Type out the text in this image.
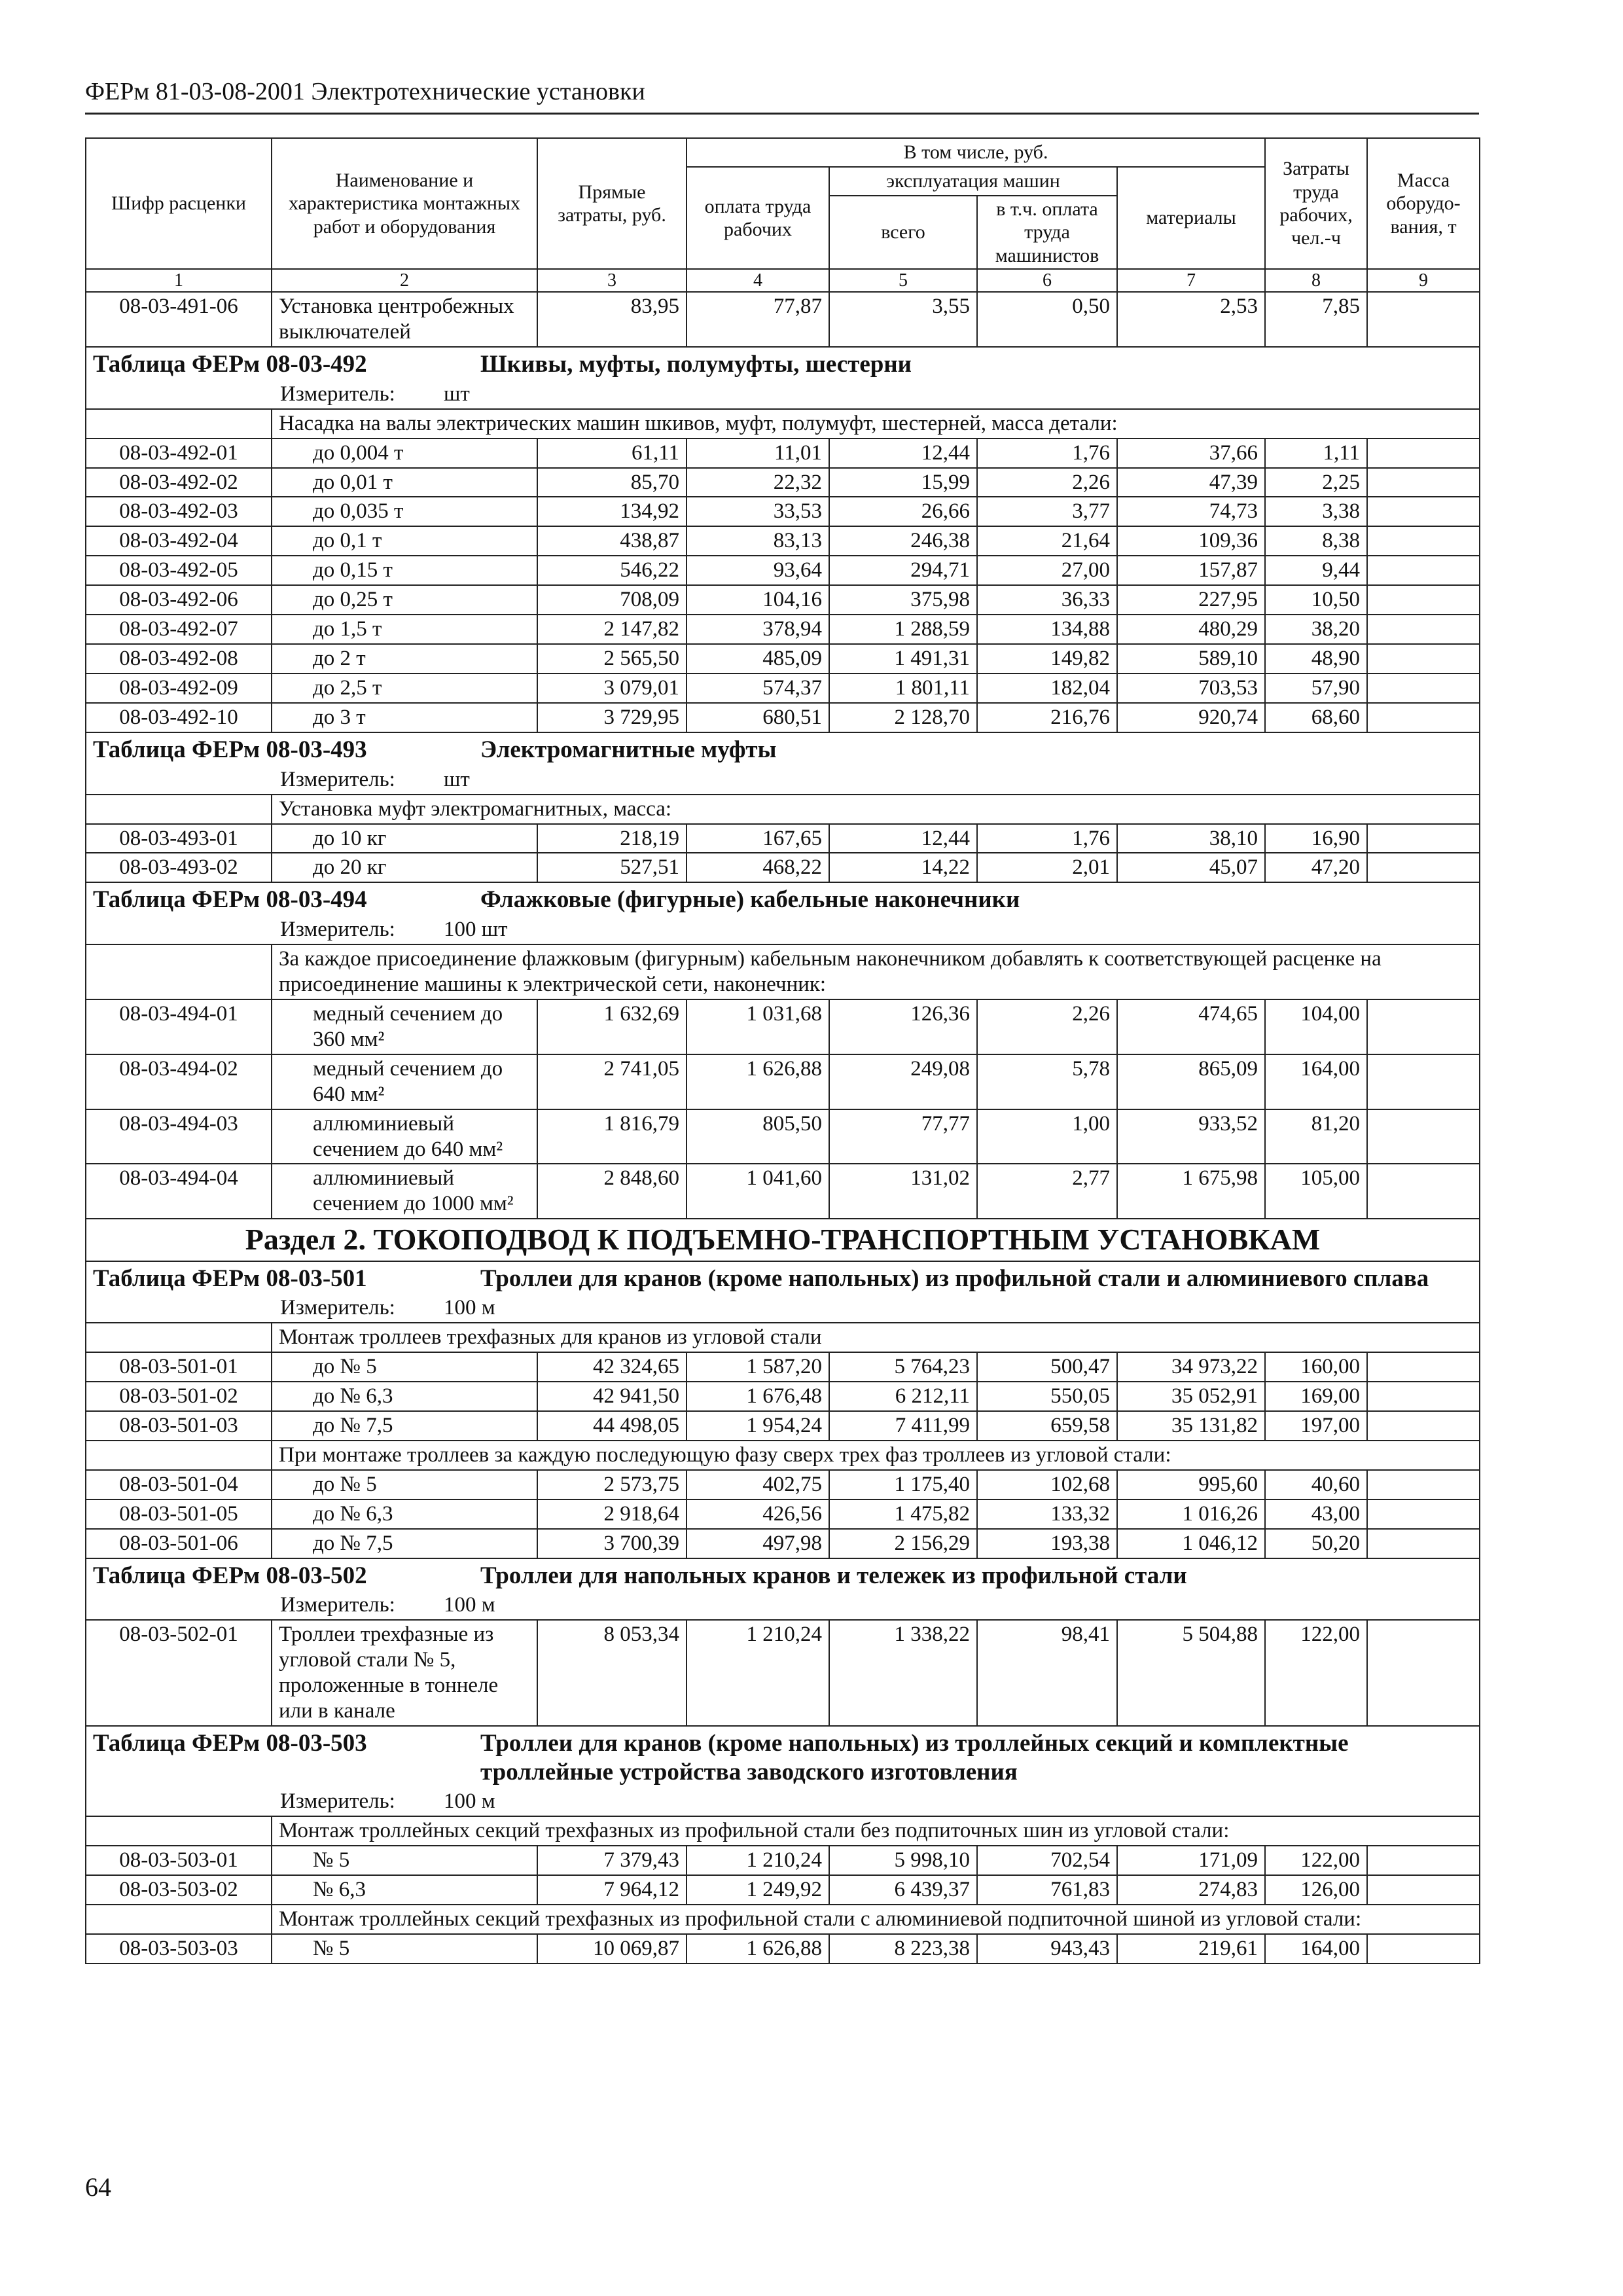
ФЕРм 81-03-08-2001 Электротехнические установки
Шифр расценки	Наименование и характеристика монтажных работ и оборудования	Прямые затраты, руб.	В том числе, руб.				Затраты труда рабочих, чел.-ч	Масса оборудо-вания, т
			оплата труда рабочих	эксплуатация машин		материалы		
				всего	в т.ч. оплата труда машинистов			
1	2	3	4	5	6	7	8	9
08-03-491-06	Установка центробежных выключателей	83,95	77,87	3,55	0,50	2,53	7,85	
Таблица ФЕРм 08-03-492 Шкивы, муфты, полумуфты, шестерни								
Измеритель: шт								
	Насадка на валы электрических машин шкивов, муфт, полумуфт, шестерней, масса детали:							
08-03-492-01	до 0,004 т	61,11	11,01	12,44	1,76	37,66	1,11	
08-03-492-02	до 0,01 т	85,70	22,32	15,99	2,26	47,39	2,25	
08-03-492-03	до 0,035 т	134,92	33,53	26,66	3,77	74,73	3,38	
08-03-492-04	до 0,1 т	438,87	83,13	246,38	21,64	109,36	8,38	
08-03-492-05	до 0,15 т	546,22	93,64	294,71	27,00	157,87	9,44	
08-03-492-06	до 0,25 т	708,09	104,16	375,98	36,33	227,95	10,50	
08-03-492-07	до 1,5 т	2 147,82	378,94	1 288,59	134,88	480,29	38,20	
08-03-492-08	до 2 т	2 565,50	485,09	1 491,31	149,82	589,10	48,90	
08-03-492-09	до 2,5 т	3 079,01	574,37	1 801,11	182,04	703,53	57,90	
08-03-492-10	до 3 т	3 729,95	680,51	2 128,70	216,76	920,74	68,60	
Таблица ФЕРм 08-03-493 Электромагнитные муфты								
Измеритель: шт								
	Установка муфт электромагнитных, масса:							
08-03-493-01	до 10 кг	218,19	167,65	12,44	1,76	38,10	16,90	
08-03-493-02	до 20 кг	527,51	468,22	14,22	2,01	45,07	47,20	
Таблица ФЕРм 08-03-494 Флажковые (фигурные) кабельные наконечники								
Измеритель: 100 шт								
	За каждое присоединение флажковым (фигурным) кабельным наконечником добавлять к соответствующей расценке на присоединение машины к электрической сети, наконечник:							
08-03-494-01	медный сечением до 360 мм²	1 632,69	1 031,68	126,36	2,26	474,65	104,00	
08-03-494-02	медный сечением до 640 мм²	2 741,05	1 626,88	249,08	5,78	865,09	164,00	
08-03-494-03	аллюминиевый сечением до 640 мм²	1 816,79	805,50	77,77	1,00	933,52	81,20	
08-03-494-04	аллюминиевый сечением до 1000 мм²	2 848,60	1 041,60	131,02	2,77	1 675,98	105,00	
Раздел 2. ТОКОПОДВОД К ПОДЪЕМНО-ТРАНСПОРТНЫМ УСТАНОВКАМ								
Таблица ФЕРм 08-03-501 Троллеи для кранов (кроме напольных) из профильной стали и алюминиевого сплава								
Измеритель: 100 м								
	Монтаж троллеев трехфазных для кранов из угловой стали							
08-03-501-01	до № 5	42 324,65	1 587,20	5 764,23	500,47	34 973,22	160,00	
08-03-501-02	до № 6,3	42 941,50	1 676,48	6 212,11	550,05	35 052,91	169,00	
08-03-501-03	до № 7,5	44 498,05	1 954,24	7 411,99	659,58	35 131,82	197,00	
	При монтаже троллеев за каждую последующую фазу сверх трех фаз троллеев из угловой стали:							
08-03-501-04	до № 5	2 573,75	402,75	1 175,40	102,68	995,60	40,60	
08-03-501-05	до № 6,3	2 918,64	426,56	1 475,82	133,32	1 016,26	43,00	
08-03-501-06	до № 7,5	3 700,39	497,98	2 156,29	193,38	1 046,12	50,20	
Таблица ФЕРм 08-03-502 Троллеи для напольных кранов и тележек из профильной стали								
Измеритель: 100 м								
08-03-502-01	Троллеи трехфазные из угловой стали № 5, проложенные в тоннеле или в канале	8 053,34	1 210,24	1 338,22	98,41	5 504,88	122,00	
Таблица ФЕРм 08-03-503 Троллеи для кранов (кроме напольных) из троллейных секций и комплектные троллейные устройства заводского изготовления								
Измеритель: 100 м								
	Монтаж троллейных секций трехфазных из профильной стали без подпиточных шин из угловой стали:							
08-03-503-01	№ 5	7 379,43	1 210,24	5 998,10	702,54	171,09	122,00	
08-03-503-02	№ 6,3	7 964,12	1 249,92	6 439,37	761,83	274,83	126,00	
	Монтаж троллейных секций трехфазных из профильной стали с алюминиевой подпиточной шиной из угловой стали:							
08-03-503-03	№ 5	10 069,87	1 626,88	8 223,38	943,43	219,61	164,00	
64
